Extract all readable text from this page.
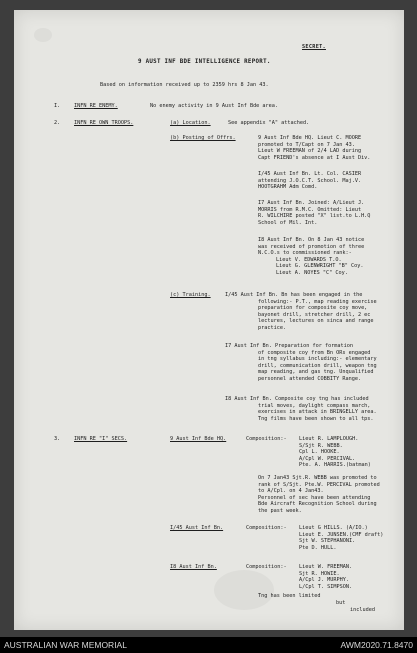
SECRET.
9 AUST INF BDE INTELLIGENCE REPORT.
Based on information received up to 2359 hrs 8 Jan 43.
I.	INFN RE ENEMY.	No enemy activity in 9 Aust Inf Bde area.
2.	INFN RE OWN TROOPS.	(a) Location.	See appendix "A" attached.
(b) Posting of Offrs.	9 Aust Inf Bde HQ. Lieut C. MOORE
promoted to T/Capt on 7 Jan 43.
Lieut W FREEMAN of 2/4 LAD during
Capt FRIEND's absence at I Aust Div.
I/45 Aust Inf Bn. Lt. Col. CASIER
attending J.O.C.T. School. Maj.V.
HOOTGRAHM Adm Comd.
I7 Aust Inf Bn. Joined: A/Lieut J.
MORRIS from R.M.C. Omitted: Lieut
R. WILCHIRE posted "X" list.to L.H.Q
School of Mil. Int.
I8 Aust Inf Bn. On 8 Jan 43 notice
was received of promotion of three
N.C.O.s to commissioned rank:-
Lieut V. EDWARDS T.O.
Lieut G. GLENWRIGHT "B" Coy.
Lieut A. NOYES "C" Coy.
(c) Training.	I/45 Aust Inf Bn. Bn has been engaged in the
following:- P.T., map reading exercise
preparation for composite coy move,
bayonet drill, stretcher drill, 2 ec
lectures, lectures on sinca and range
practice.
I7 Aust Inf Bn. Preparation for formation
of composite coy from Bn ORs engaged
in tng syllabus including:- elementary
drill, communication drill, weapon tng
map reading, and gas tng. Unqualified
personnel attended COBBITY Range.
I8 Aust Inf Bn. Composite coy tng has included
trial moves, daylight compass march,
exercises in attack in BRINGELLY area.
Tng films have been shown to all tps.
3.	INFN RE "I" SECS.	9 Aust Inf Bde HQ.	Composition:- Lieut R. LAMPLOUGH.
S/Sjt R. WEBB.
Cpl L. HOOKE.
A/Cpl W. PERCIVAL.
Pte. A. HARRIS.(batman)
On 7 Jan43 Sjt.R. WEBB was promoted to
rank of S/Sjt. Pte.W. PERCIVAL promoted
to A/Cpl. on 4 Jan43.
Personnel of sec have been attending
Bde Aircraft Recognition School during
the past week.
I/45 Aust Inf Bn.	Composition:- Lieut G HILLS. (A/IO.)
Lieut E. JUNSEN.(CMF draft)
Sjt W. STEPHANONI.
Pte D. HULL.
I8 Aust Inf Bn.	Composition:- Lieut W. FREEMAN.
Sjt R. HOWIE.
A/Cpl J. MURPHY.
L/Cpl T. SIMPSON.
Tng has been limited
but
included
AUSTRALIAN WAR MEMORIAL	AWM2020.71.8470
